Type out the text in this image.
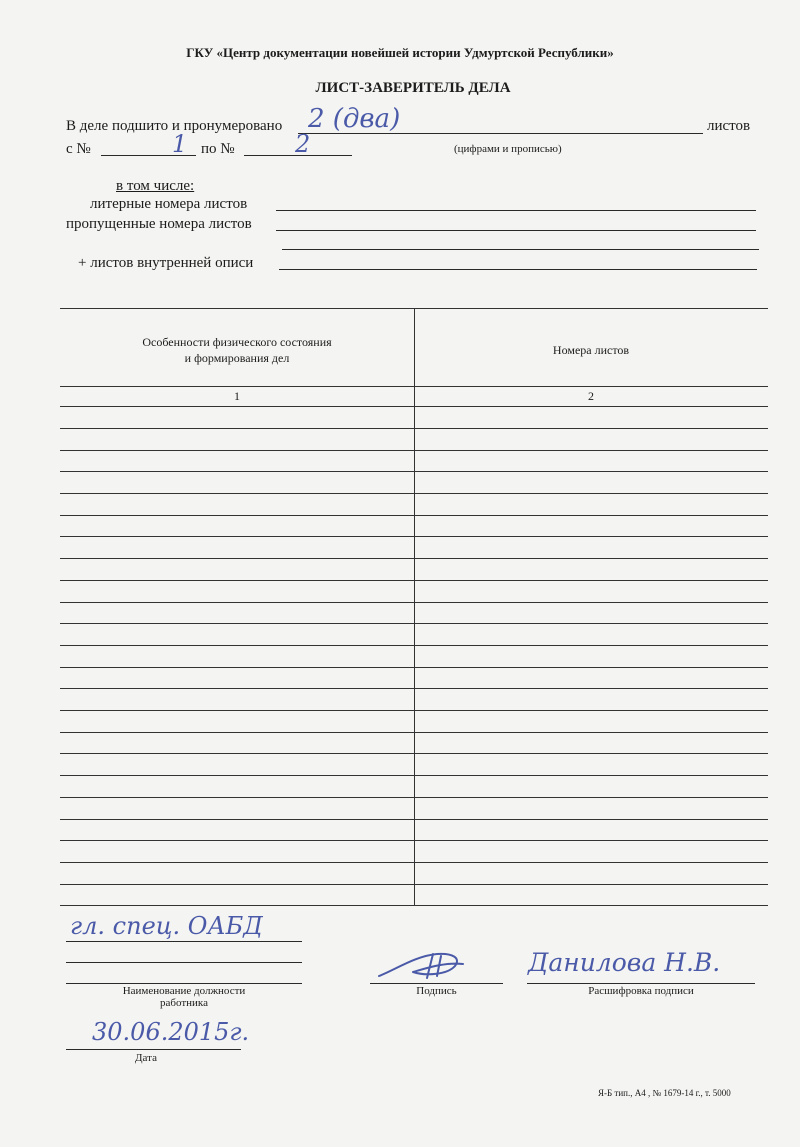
ГКУ «Центр документации новейшей истории Удмуртской Республики»
ЛИСТ-ЗАВЕРИТЕЛЬ ДЕЛА
В деле подшито и пронумеровано 2 (два)	листов
с №	1 по №	2	(цифрами и прописью)
в том числе:
литерные номера листов
пропущенные номера листов
+ листов внутренней описи
Особенности физического состояния
и формирования дел
Номера листов
1	2
гл. спец. ОАБД
Наименование должности
работника
Подпись
Данилова Н.В.
Расшифровка подписи
30.06.2015г.
Дата
Я-Б тип., А4 , № 1679-14 г., т. 5000
